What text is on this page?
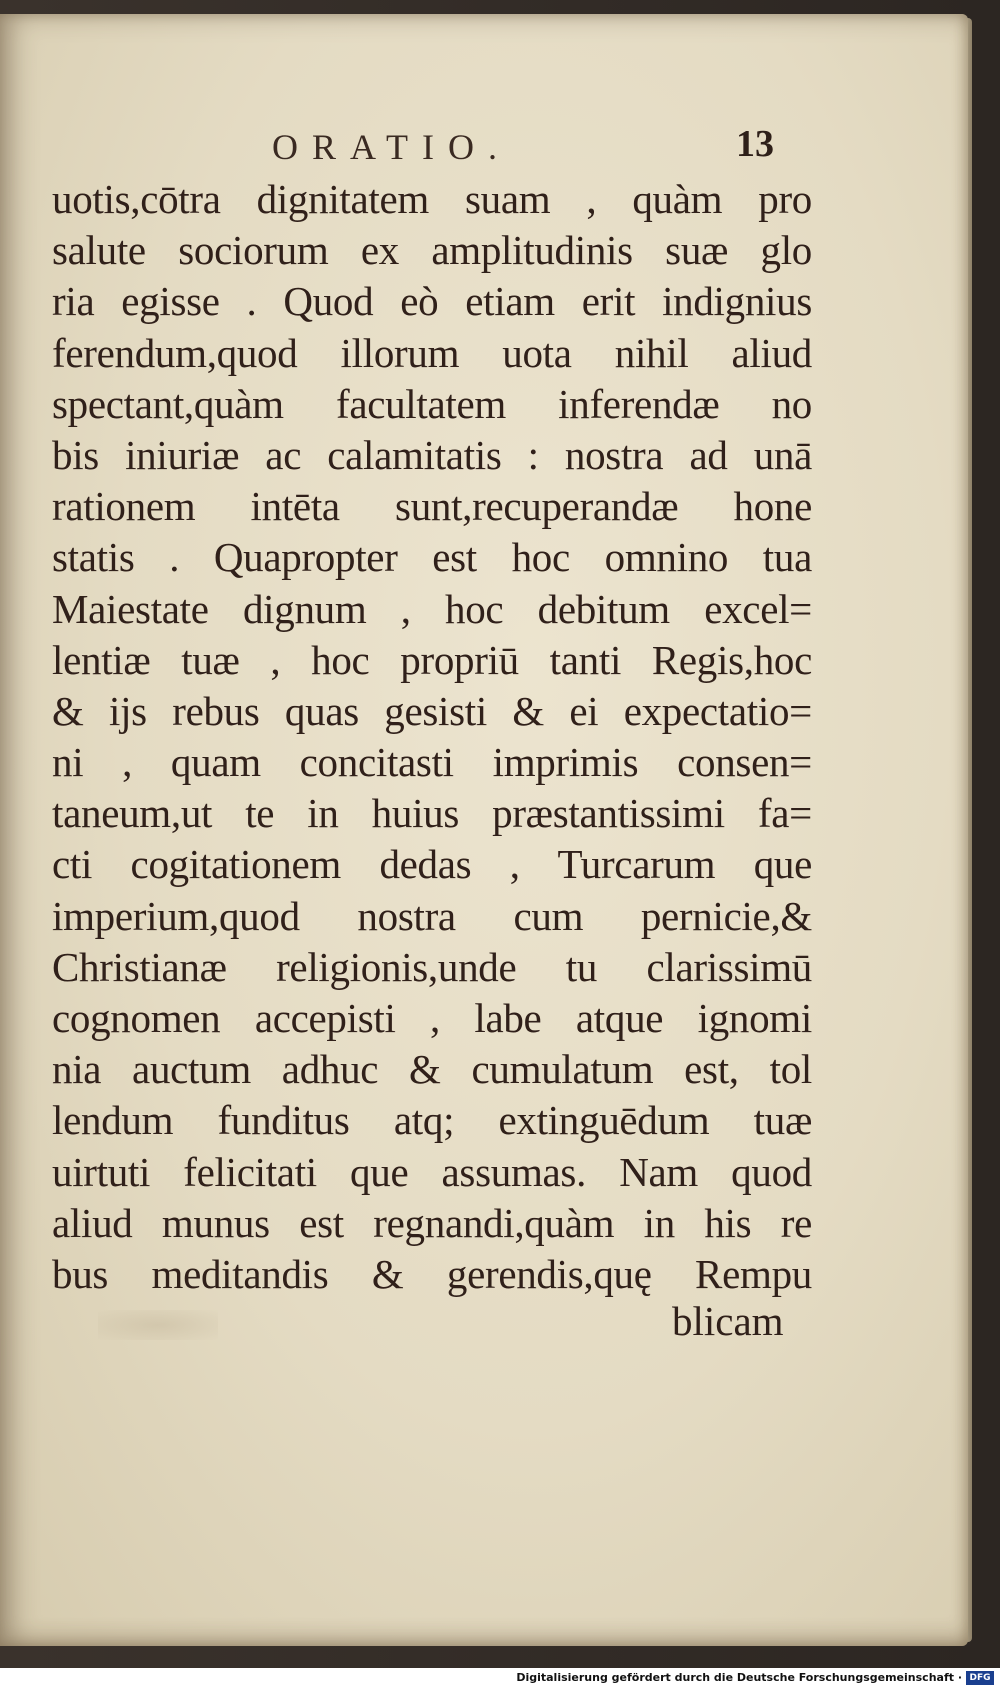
ORATIO.	13
uotis,cōtra dignitatem suam , quàm pro
salute sociorum ex amplitudinis suæ glo
ria egisse . Quod eò etiam erit indignius
ferendum,quod illorum uota nihil aliud
spectant,quàm facultatem inferendæ no
bis iniuriæ ac calamitatis : nostra ad unā
rationem intēta sunt,recuperandæ hone
statis . Quapropter est hoc omnino tua
Maiestate dignum , hoc debitum excel=
lentiæ tuæ , hoc propriū tanti Regis,hoc
& ijs rebus quas gesisti & ei expectatio=
ni , quam concitasti imprimis consen=
taneum,ut te in huius præstantissimi fa=
cti cogitationem dedas , Turcarum que
imperium,quod nostra cum pernicie,&
Christianæ religionis,unde tu clarissimū
cognomen accepisti , labe atque ignomi
nia auctum adhuc & cumulatum est, tol
lendum funditus atq; extinguēdum tuæ
uirtuti felicitati que assumas. Nam quod
aliud munus est regnandi,quàm in his re
bus meditandis & gerendis,quę Rempu
blicam
Digitalisierung gefördert durch die Deutsche Forschungsgemeinschaft · DFG
